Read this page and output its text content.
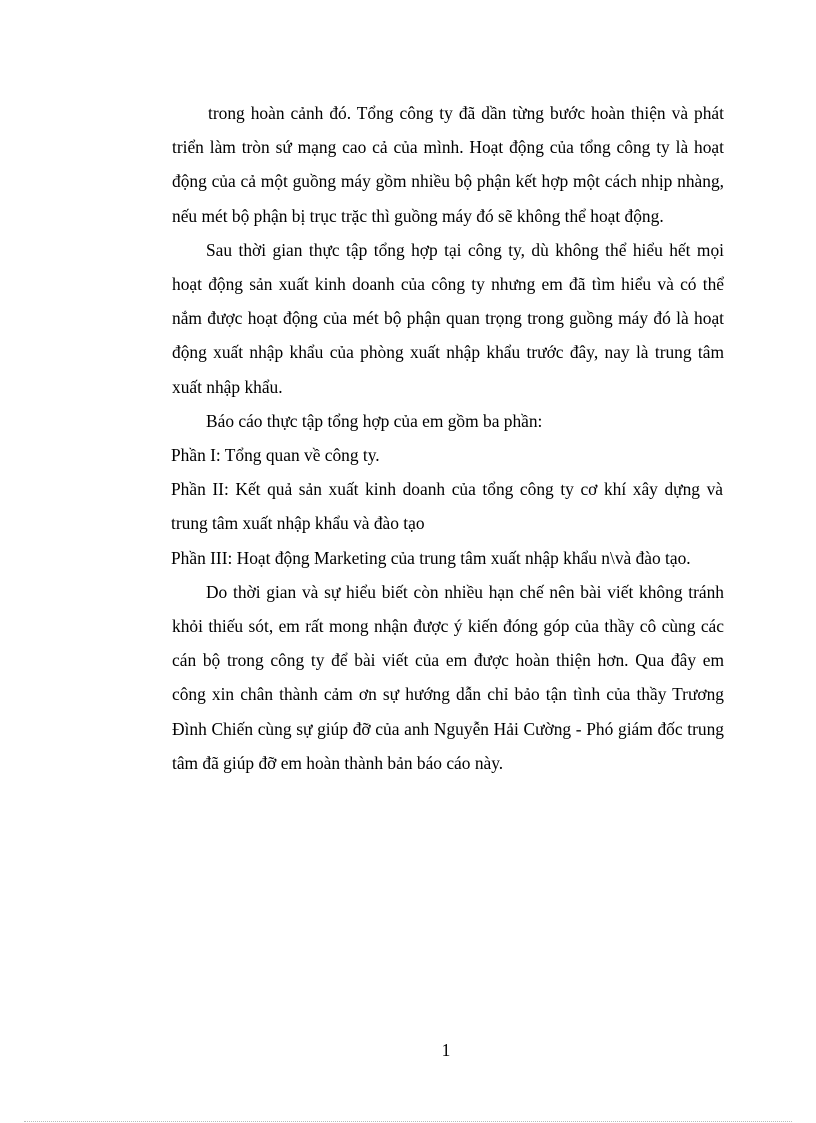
trong hoàn cảnh đó. Tổng công ty đã dần từng bước hoàn thiện và phát triển làm tròn sứ mạng cao cả của mình. Hoạt động của tổng công ty là hoạt động của cả một guồng máy gồm nhiều bộ phận kết hợp một cách nhịp nhàng, nếu mét bộ phận bị trục trặc thì guồng máy đó sẽ không thể hoạt động.

Sau thời gian thực tập tổng hợp tại công ty, dù không thể hiểu hết mọi hoạt động sản xuất kinh doanh của công ty nhưng em đã tìm hiểu và có thể nắm được hoạt động của mét bộ phận quan trọng trong guồng máy đó là hoạt động xuất nhập khẩu của phòng xuất nhập khẩu trước đây, nay là trung tâm xuất nhập khẩu.

Báo cáo thực tập tổng hợp của em gồm ba phần:

Phần I: Tổng quan về công ty.

Phần II: Kết quả sản xuất kinh doanh của tổng công ty cơ khí xây dựng và trung tâm xuất nhập khẩu và đào tạo

Phần III: Hoạt động Marketing của trung tâm xuất nhập khẩu n\và đào tạo.

Do thời gian và sự hiểu biết còn nhiều hạn chế nên bài viết không tránh khỏi thiếu sót, em rất mong nhận được ý kiến đóng góp của thầy cô cùng các cán bộ trong công ty để bài viết của em được hoàn thiện hơn. Qua đây em công xin chân thành cảm ơn sự hướng dẫn chỉ bảo tận tình của thầy Trương Đình Chiến cùng sự giúp đỡ của anh Nguyễn Hải Cường - Phó giám đốc trung tâm đã giúp đỡ em hoàn thành bản báo cáo này.

1
